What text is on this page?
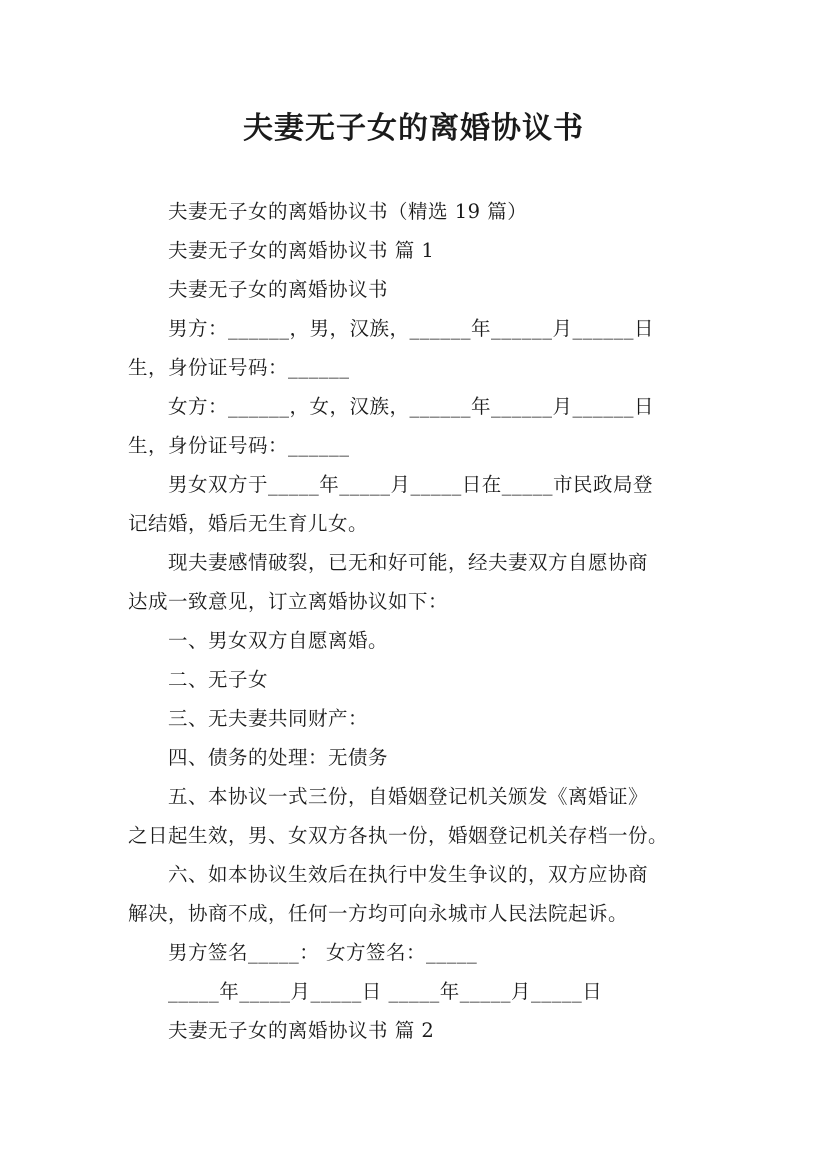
夫妻无子女的离婚协议书
夫妻无子女的离婚协议书（精选 19 篇）
夫妻无子女的离婚协议书 篇 1
夫妻无子女的离婚协议书
男方：______，男，汉族，______年______月______日
生，身份证号码：______
女方：______，女，汉族，______年______月______日
生，身份证号码：______
男女双方于_____年_____月_____日在_____市民政局登
记结婚，婚后无生育儿女。
现夫妻感情破裂，已无和好可能，经夫妻双方自愿协商
达成一致意见，订立离婚协议如下：
一、男女双方自愿离婚。
二、无子女
三、无夫妻共同财产：
四、债务的处理：无债务
五、本协议一式三份，自婚姻登记机关颁发《离婚证》
之日起生效，男、女双方各执一份，婚姻登记机关存档一份。
六、如本协议生效后在执行中发生争议的，双方应协商
解决，协商不成，任何一方均可向永城市人民法院起诉。
男方签名_____： 女方签名：_____
_____年_____月_____日 _____年_____月_____日
夫妻无子女的离婚协议书 篇 2
